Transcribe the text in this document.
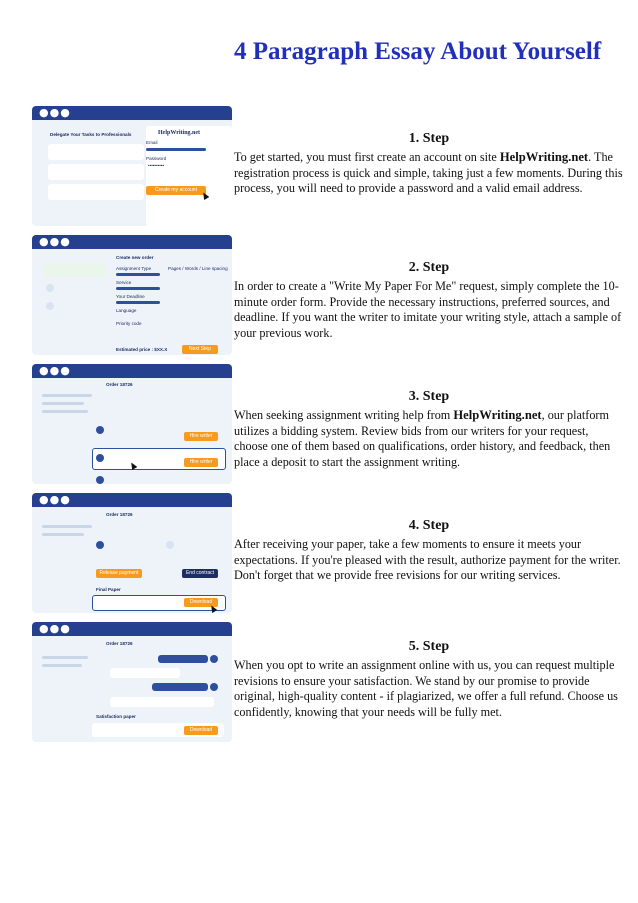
4 Paragraph Essay About Yourself
●●●
Delegate Your Tasks to Professionals	HelpWriting.net
Email
Password
••••••••••
Create my account
●●●
Create new order
Assignment Type	Pages / Words / Line spacing
Service
Your Deadline
Language
Priority code
Estimated price : $XX.X	Next Step
●●●
Order 18726
Hire writer
Hire writer
●●●
Order 18726
Release payment	End contract
Final Paper
Download
●●●
Order 18726
Satisfaction paper
Download
1. Step

To get started, you must first create an account on site HelpWriting.net. The registration process is quick and simple, taking just a few moments. During this process, you will need to provide a password and a valid email address.

2. Step

In order to create a "Write My Paper For Me" request, simply complete the 10-minute order form. Provide the necessary instructions, preferred sources, and deadline. If you want the writer to imitate your writing style, attach a sample of your previous work.

3. Step

When seeking assignment writing help from HelpWriting.net, our platform utilizes a bidding system. Review bids from our writers for your request, choose one of them based on qualifications, order history, and feedback, then place a deposit to start the assignment writing.

4. Step

After receiving your paper, take a few moments to ensure it meets your expectations. If you're pleased with the result, authorize payment for the writer. Don't forget that we provide free revisions for our writing services.

5. Step

When you opt to write an assignment online with us, you can request multiple revisions to ensure your satisfaction. We stand by our promise to provide original, high-quality content - if plagiarized, we offer a full refund. Choose us confidently, knowing that your needs will be fully met.
